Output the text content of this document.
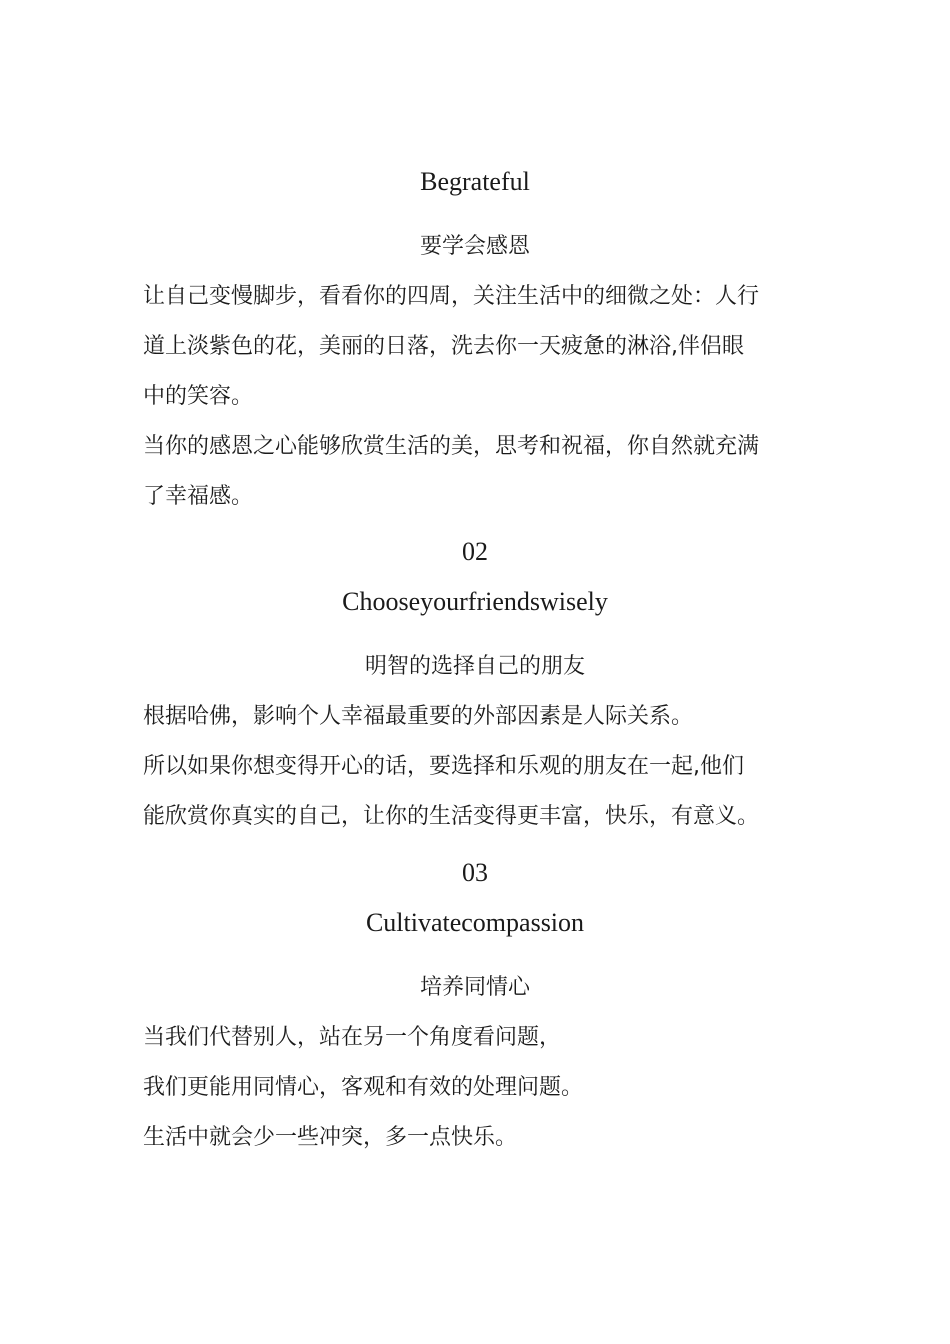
Begrateful
要学会感恩
让自己变慢脚步，看看你的四周，关注生活中的细微之处：人行
道上淡紫色的花，美丽的日落，洗去你一天疲惫的淋浴,伴侣眼
中的笑容。
当你的感恩之心能够欣赏生活的美，思考和祝福，你自然就充满
了幸福感。
02
Chooseyourfriendswisely
明智的选择自己的朋友
根据哈佛，影响个人幸福最重要的外部因素是人际关系。
所以如果你想变得开心的话，要选择和乐观的朋友在一起,他们
能欣赏你真实的自己，让你的生活变得更丰富，快乐，有意义。
03
Cultivatecompassion
培养同情心
当我们代替别人，站在另一个角度看问题，
我们更能用同情心，客观和有效的处理问题。
生活中就会少一些冲突，多一点快乐。
